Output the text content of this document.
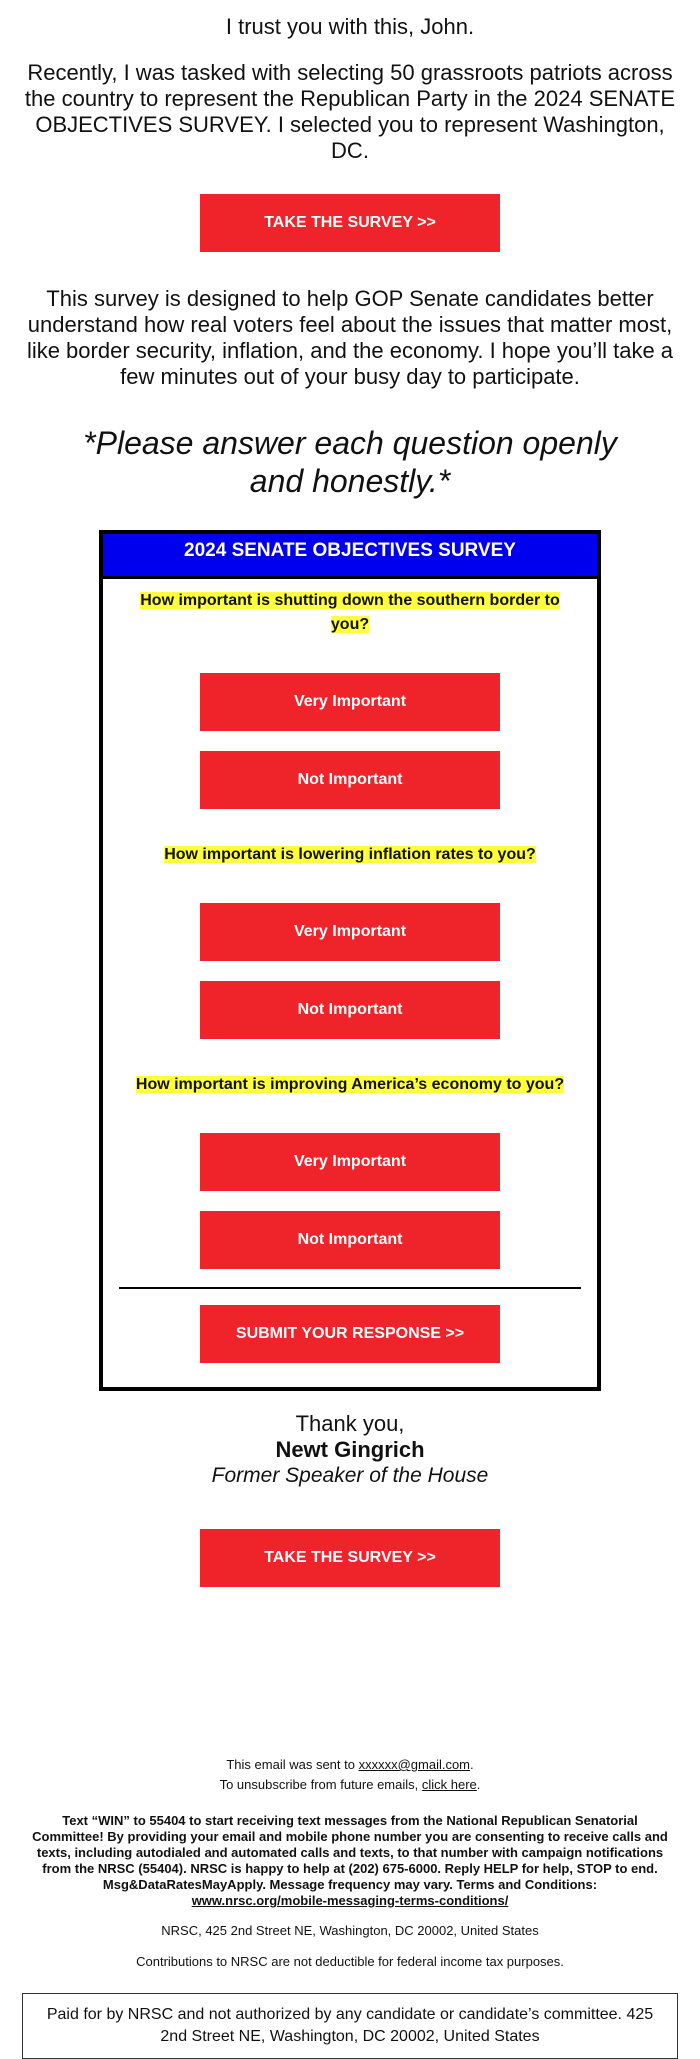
I trust you with this, John.

Recently, I was tasked with selecting 50 grassroots patriots across the country to represent the Republican Party in the 2024 SENATE OBJECTIVES SURVEY. I selected you to represent Washington, DC.

TAKE THE SURVEY >>

This survey is designed to help GOP Senate candidates better understand how real voters feel about the issues that matter most, like border security, inflation, and the economy. I hope you’ll take a few minutes out of your busy day to participate.

*Please answer each question openly and honestly.*

2024 SENATE OBJECTIVES SURVEY
How important is shutting down the southern border to you?
Very Important
Not Important
How important is lowering inflation rates to you?
Very Important
Not Important
How important is improving America’s economy to you?
Very Important
Not Important
SUBMIT YOUR RESPONSE >>
Thank you,
Newt Gingrich
Former Speaker of the House
TAKE THE SURVEY >>
This email was sent to xxxxxx@gmail.com.
To unsubscribe from future emails, click here.
Text “WIN” to 55404 to start receiving text messages from the National Republican Senatorial Committee! By providing your email and mobile phone number you are consenting to receive calls and texts, including autodialed and automated calls and texts, to that number with campaign notifications from the NRSC (55404). NRSC is happy to help at (202) 675-6000. Reply HELP for help, STOP to end. Msg&DataRatesMayApply. Message frequency may vary. Terms and Conditions:
www.nrsc.org/mobile-messaging-terms-conditions/
NRSC, 425 2nd Street NE, Washington, DC 20002, United States
Contributions to NRSC are not deductible for federal income tax purposes.
Paid for by NRSC and not authorized by any candidate or candidate’s committee. 425 2nd Street NE, Washington, DC 20002, United States
